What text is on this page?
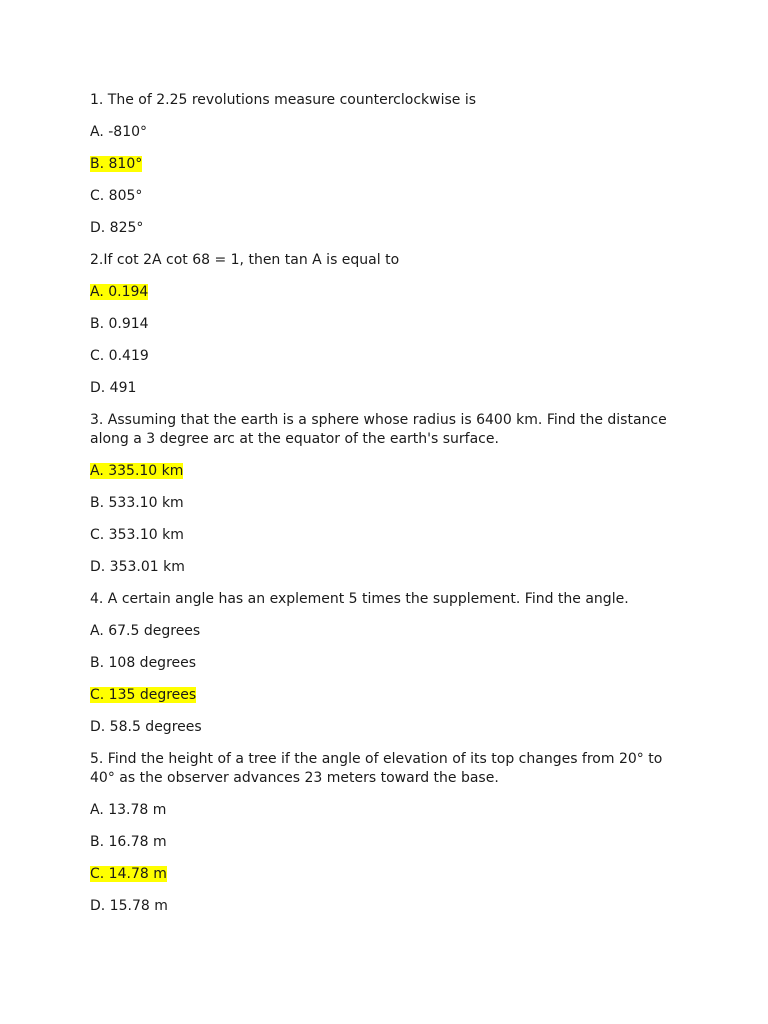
1. The of 2.25 revolutions measure counterclockwise is
A. -810°
B. 810°
C. 805°
D. 825°
2.If cot 2A cot 68 = 1, then tan A is equal to
A. 0.194
B. 0.914
C. 0.419
D. 491
3. Assuming that the earth is a sphere whose radius is 6400 km. Find the distance
along a 3 degree arc at the equator of the earth's surface.
A. 335.10 km
B. 533.10 km
C. 353.10 km
D. 353.01 km
4. A certain angle has an explement 5 times the supplement. Find the angle.
A. 67.5 degrees
B. 108 degrees
C. 135 degrees
D. 58.5 degrees
5. Find the height of a tree if the angle of elevation of its top changes from 20° to
40° as the observer advances 23 meters toward the base.
A. 13.78 m
B. 16.78 m
C. 14.78 m
D. 15.78 m
